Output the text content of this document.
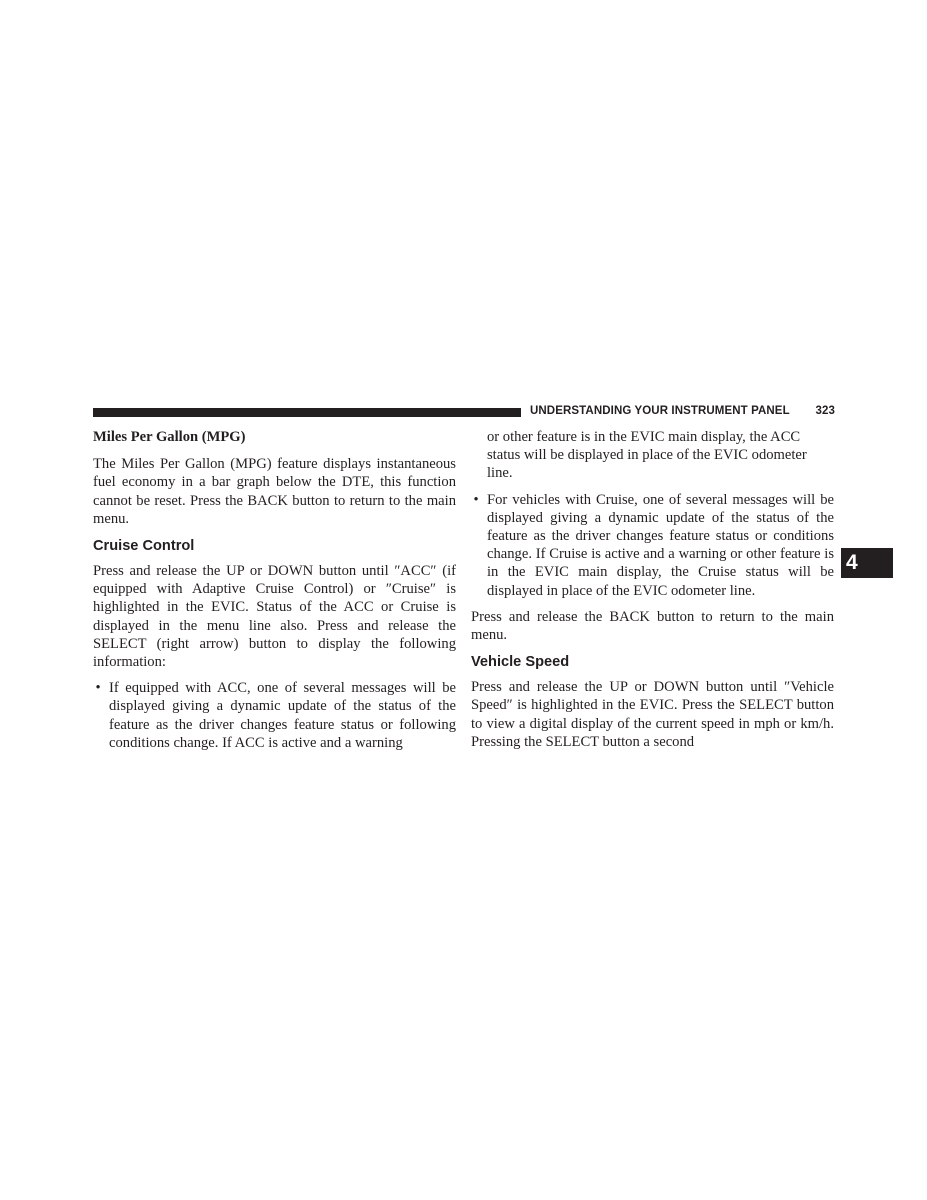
UNDERSTANDING YOUR INSTRUMENT PANEL 323
4

Miles Per Gallon (MPG)

The Miles Per Gallon (MPG) feature displays instantaneous fuel economy in a bar graph below the DTE, this function cannot be reset. Press the BACK button to return to the main menu.

Cruise Control

Press and release the UP or DOWN button until ″ACC″ (if equipped with Adaptive Cruise Control) or ″Cruise″ is highlighted in the EVIC. Status of the ACC or Cruise is displayed in the menu line also. Press and release the SELECT (right arrow) button to display the following information:

• If equipped with ACC, one of several messages will be displayed giving a dynamic update of the status of the feature as the driver changes feature status or following conditions change. If ACC is active and a warning

or other feature is in the EVIC main display, the ACC status will be displayed in place of the EVIC odometer line.

• For vehicles with Cruise, one of several messages will be displayed giving a dynamic update of the status of the feature as the driver changes feature status or conditions change. If Cruise is active and a warning or other feature is in the EVIC main display, the Cruise status will be displayed in place of the EVIC odometer line.

Press and release the BACK button to return to the main menu.

Vehicle Speed

Press and release the UP or DOWN button until ″Vehicle Speed″ is highlighted in the EVIC. Press the SELECT button to view a digital display of the current speed in mph or km/h. Pressing the SELECT button a second
